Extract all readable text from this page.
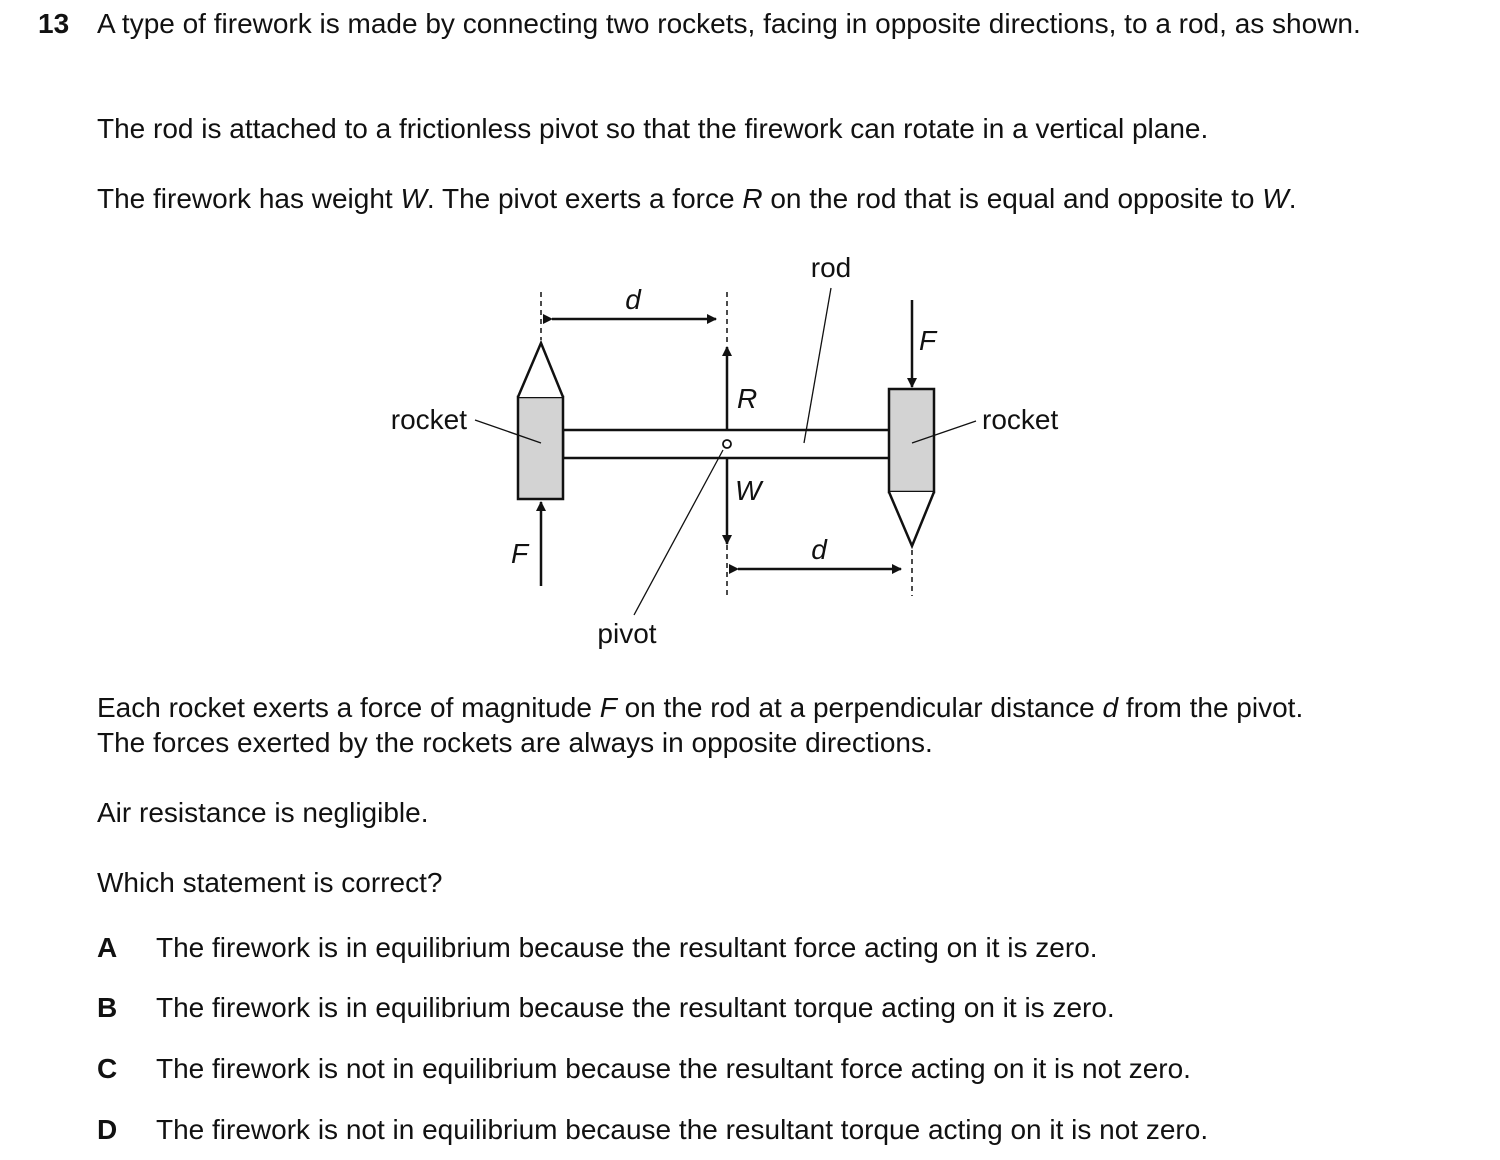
13 A type of firework is made by connecting two rockets, facing in opposite directions, to a rod, as shown.

The rod is attached to a frictionless pivot so that the firework can rotate in a vertical plane.

The firework has weight W. The pivot exerts a force R on the rod that is equal and opposite to W.

d
d
R
W
F
F
rod
rocket	rocket
pivot

Each rocket exerts a force of magnitude F on the rod at a perpendicular distance d from the pivot.
The forces exerted by the rockets are always in opposite directions.

Air resistance is negligible.

Which statement is correct?

A The firework is in equilibrium because the resultant force acting on it is zero.
B The firework is in equilibrium because the resultant torque acting on it is zero.
C The firework is not in equilibrium because the resultant force acting on it is not zero.
D The firework is not in equilibrium because the resultant torque acting on it is not zero.
